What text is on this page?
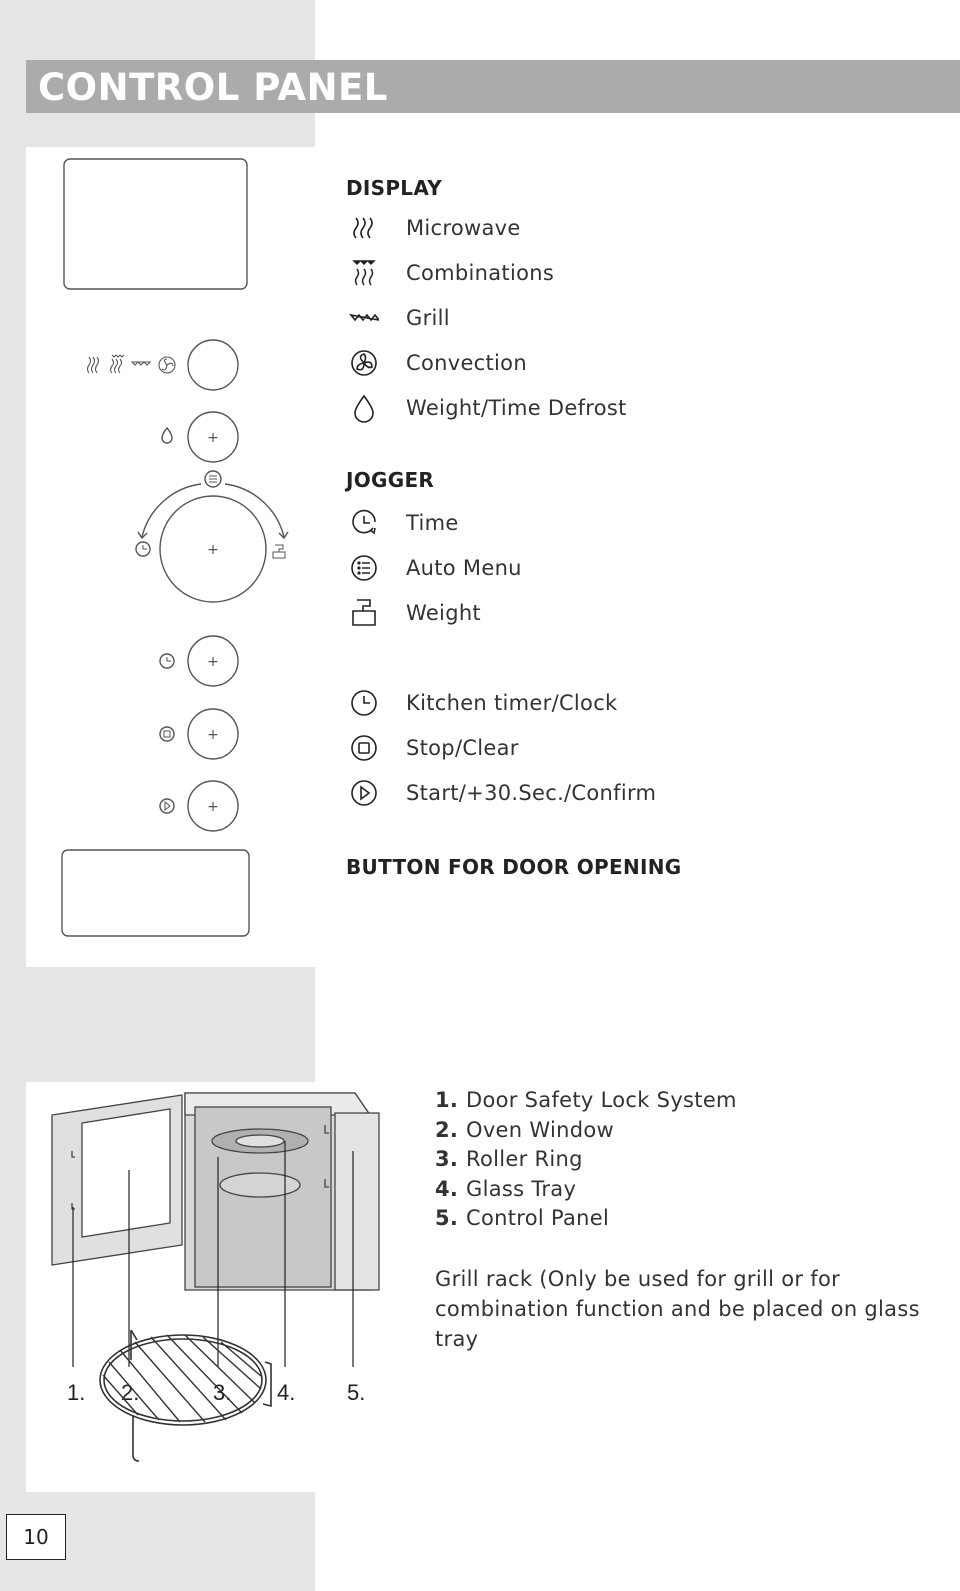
CONTROL PANEL
+
+
+
+
+
DISPLAY
Microwave
Combinations
Grill
Convection
Weight/Time Defrost
JOGGER
Time
Auto Menu
Weight
Kitchen timer/Clock
Stop/Clear
Start/+30.Sec./Confirm
BUTTON FOR DOOR OPENING
1. 2.	3. 4. 5.
1. Door Safety Lock System
2. Oven Window
3. Roller Ring
4. Glass Tray
5. Control Panel
Grill rack (Only be used for grill or for combination function and be placed on glass tray
10
